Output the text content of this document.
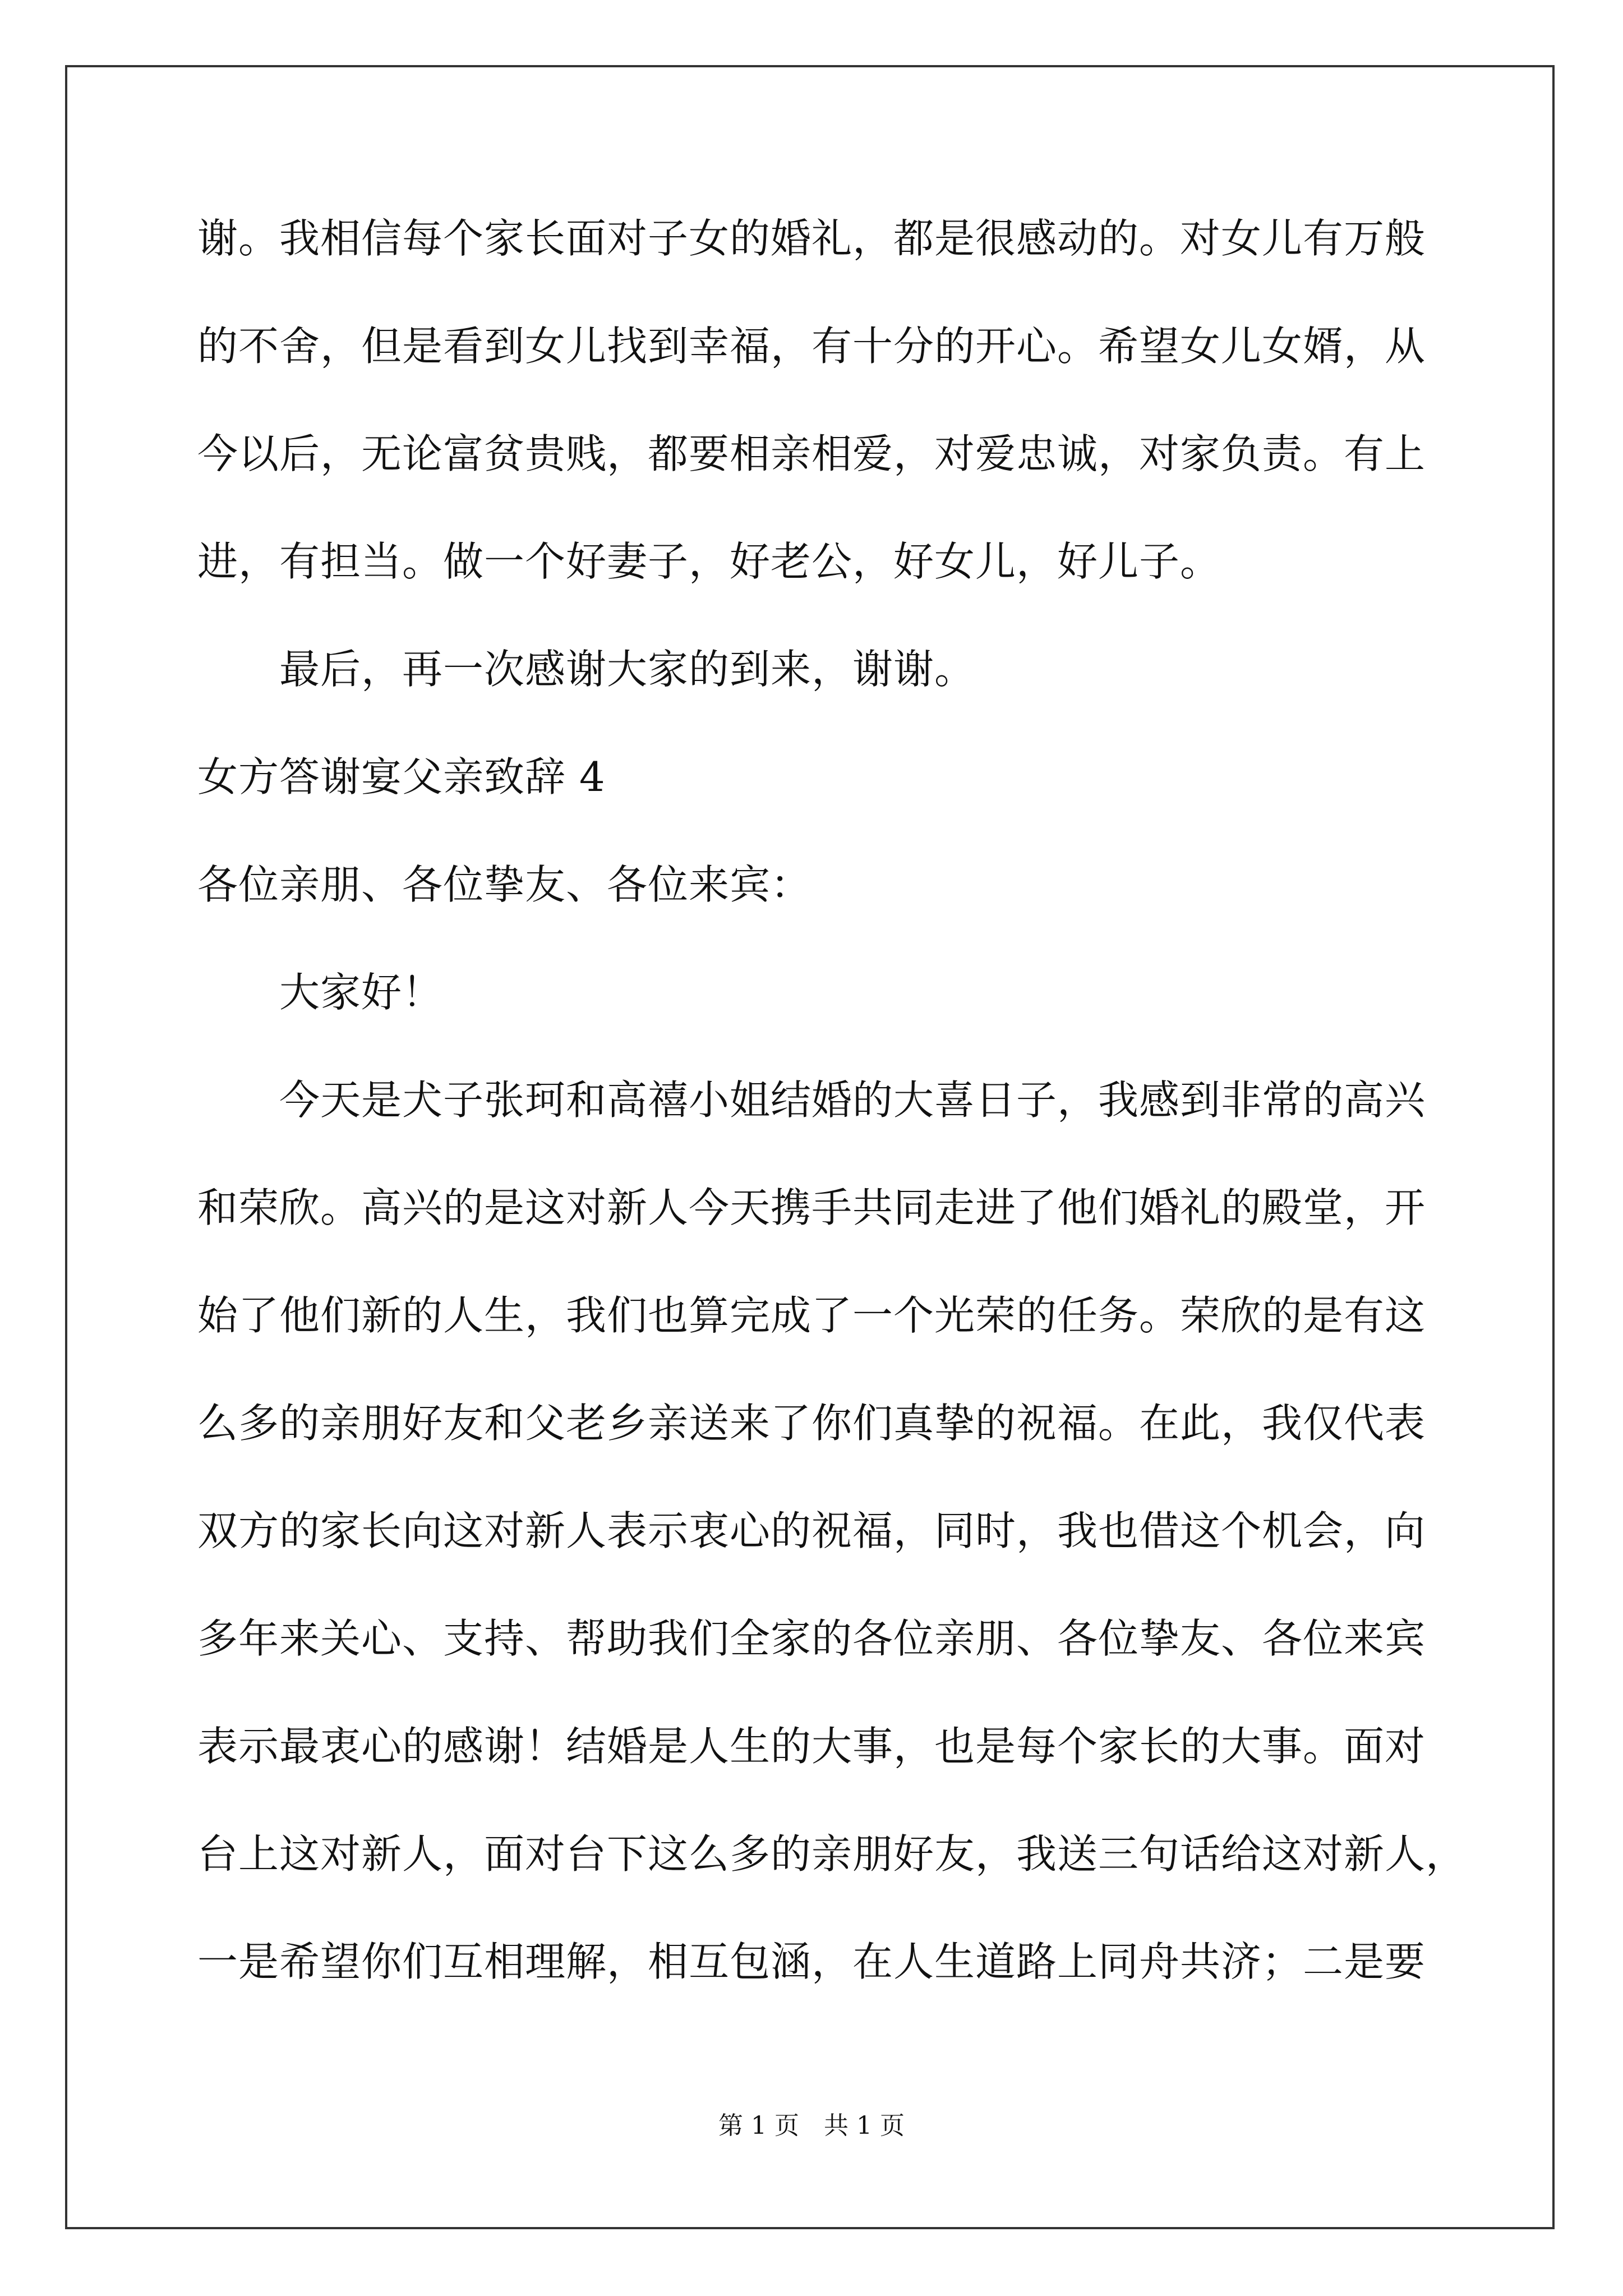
谢。我相信每个家长面对子女的婚礼，都是很感动的。对女儿有万般
的不舍，但是看到女儿找到幸福，有十分的开心。希望女儿女婿，从
今以后，无论富贫贵贱，都要相亲相爱，对爱忠诚，对家负责。有上
进，有担当。做一个好妻子，好老公，好女儿，好儿子。
最后，再一次感谢大家的到来，谢谢。
女方答谢宴父亲致辞 4
各位亲朋、各位挚友、各位来宾：
大家好！
今天是犬子张珂和高禧小姐结婚的大喜日子，我感到非常的高兴
和荣欣。高兴的是这对新人今天携手共同走进了他们婚礼的殿堂，开
始了他们新的人生，我们也算完成了一个光荣的任务。荣欣的是有这
么多的亲朋好友和父老乡亲送来了你们真挚的祝福。在此，我仅代表
双方的家长向这对新人表示衷心的祝福，同时，我也借这个机会，向
多年来关心、支持、帮助我们全家的各位亲朋、各位挚友、各位来宾
表示最衷心的感谢！结婚是人生的大事，也是每个家长的大事。面对
台上这对新人，面对台下这么多的亲朋好友，我送三句话给这对新人，
一是希望你们互相理解，相互包涵，在人生道路上同舟共济；二是要
第 1 页　共 1 页
